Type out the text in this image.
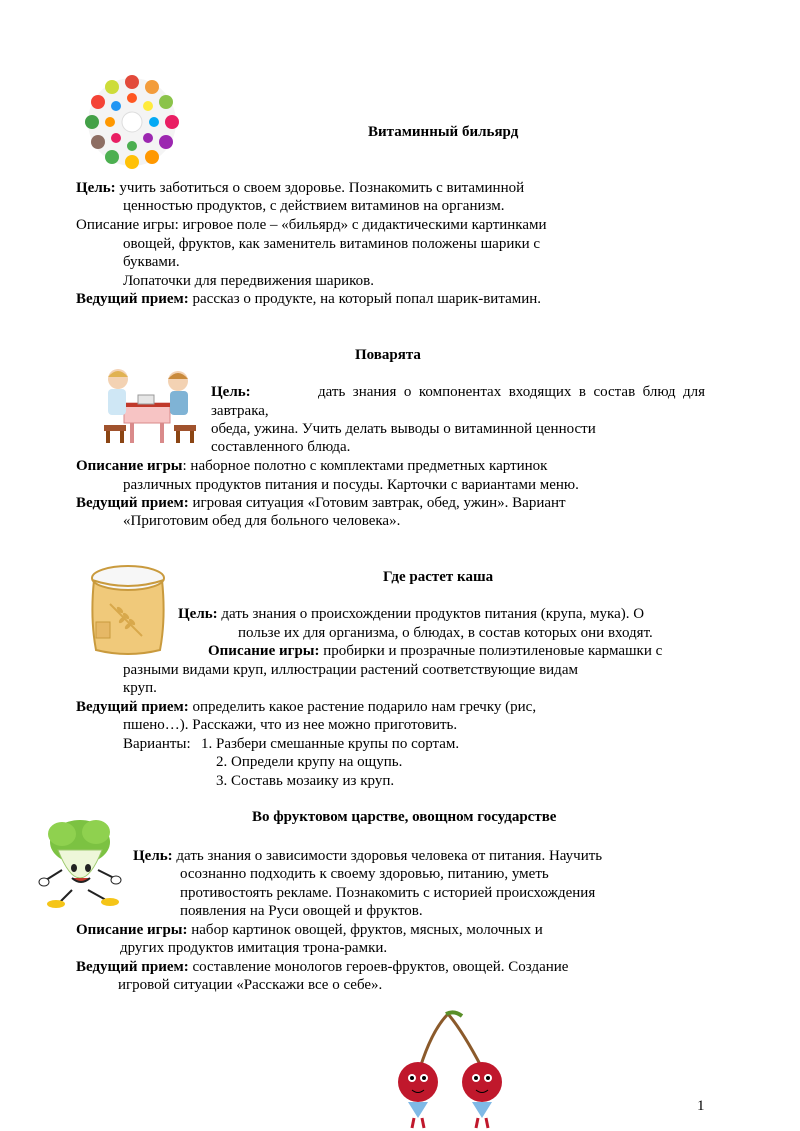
Витаминный бильярд
Цель: учить заботиться о своем здоровье. Познакомить с витаминной
ценностью продуктов, с действием витаминов на организм.
Описание игры: игровое поле – «бильярд» с дидактическими картинками
овощей, фруктов, как заменитель витаминов положены шарики с
буквами.
Лопаточки для передвижения шариков.
Ведущий прием: рассказ о продукте, на который попал шарик-витамин.
Поварята
Цель:	дать  знания  о  компонентах  входящих  в  состав  блюд  для
завтрака,
обеда, ужина. Учить делать выводы о витаминной ценности
составленного блюда.
Описание игры: наборное полотно с комплектами предметных картинок
различных продуктов питания и посуды. Карточки с вариантами меню.
Ведущий прием: игровая ситуация «Готовим завтрак, обед, ужин». Вариант
«Приготовим обед для больного человека».
Где растет каша
Цель: дать знания о происхождении продуктов питания (крупа, мука). О
пользе их для организма, о блюдах, в состав которых они входят.
Описание игры: пробирки и прозрачные полиэтиленовые кармашки с
разными видами круп, иллюстрации растений соответствующие видам
круп.
Ведущий прием: определить какое растение подарило нам гречку (рис,
пшено…). Расскажи, что из нее можно приготовить.
Варианты: 1. Разбери смешанные крупы по сортам.
2. Определи крупу на ощупь.
3. Составь мозаику из круп.
Во фруктовом царстве, овощном государстве
Цель: дать знания о зависимости здоровья человека от питания. Научить
осознанно подходить к своему здоровью, питанию, уметь
противостоять рекламе. Познакомить с историей происхождения
появления на Руси овощей и фруктов.
Описание игры: набор картинок овощей, фруктов, мясных, молочных и
других продуктов имитация трона-рамки.
Ведущий прием: составление монологов героев-фруктов, овощей. Создание
игровой ситуации «Расскажи все о себе».
1
